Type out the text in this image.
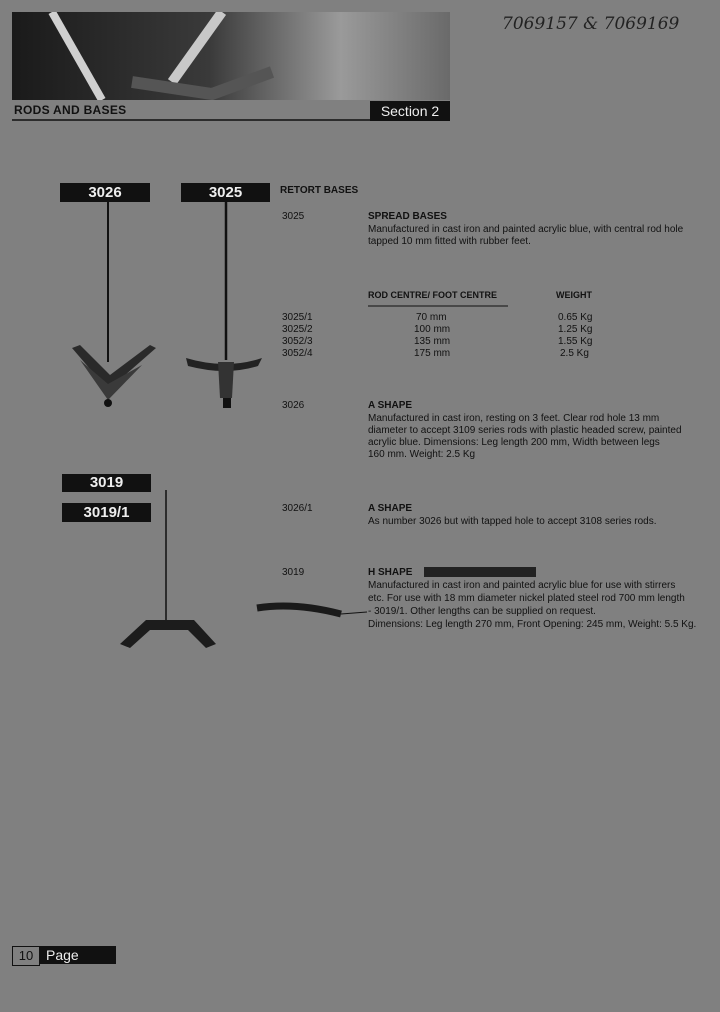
RODS AND BASES	Section 2
7069157 & 7069169
3026	3025
3019
3019/1
RETORT BASES
3025	SPREAD BASES
Manufactured in cast iron and painted acrylic blue, with central rod hole
tapped 10 mm fitted with rubber feet.
ROD CENTRE/ FOOT CENTRE	WEIGHT
3025/1	70 mm	0.65 Kg
3025/2	100 mm	1.25 Kg
3052/3	135 mm	1.55 Kg
3052/4	175 mm	2.5 Kg
3026	A SHAPE
Manufactured in cast iron, resting on 3 feet. Clear rod hole 13 mm
diameter to accept 3109 series rods with plastic headed screw, painted
acrylic blue. Dimensions: Leg length 200 mm, Width between legs
160 mm. Weight: 2.5 Kg
3026/1	A SHAPE
As number 3026 but with tapped hole to accept 3108 series rods.
3019	H SHAPE
Manufactured in cast iron and painted acrylic blue for use with stirrers
etc. For use with 18 mm diameter nickel plated steel rod 700 mm length
- 3019/1. Other lengths can be supplied on request.
Dimensions: Leg length 270 mm, Front Opening: 245 mm, Weight: 5.5 Kg.
10 Page
